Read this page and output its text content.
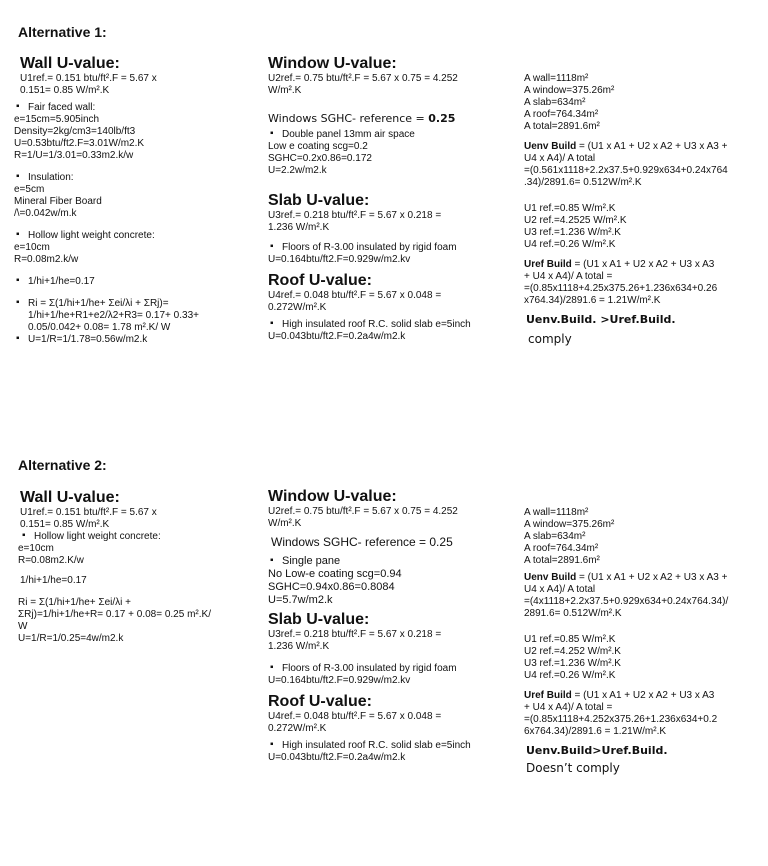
Alternative 1:

Wall U-value:

U1ref.= 0.151 btu/ft².F = 5.67 x

0.151= 0.85 W/m².K

▪ Fair faced wall:

e=15cm=5.905inch

Density=2kg/cm3=140lb/ft3

U=0.53btu/ft2.F=3.01W/m2.K

R=1/U=1/3.01=0.33m2.k/w

▪ Insulation:

e=5cm

Mineral Fiber Board

/\=0.042w/m.k

▪ Hollow light weight concrete:

e=10cm

R=0.08m2.k/w

▪ 1/hi+1/he=0.17

▪ Ri = Σ(1/hi+1/he+ Σei/λi + ΣRj)=

1/hi+1/he+R1+e2/λ2+R3= 0.17+ 0.33+

0.05/0.042+ 0.08= 1.78 m².K/ W

▪ U=1/R=1/1.78=0.56w/m2.k

Window U-value:

U2ref.= 0.75 btu/ft².F = 5.67 x 0.75 = 4.252

W/m².K

Windows SGHC- reference = 0.25

▪ Double panel 13mm air space

Low e coating scg=0.2

SGHC=0.2x0.86=0.172

U=2.2w/m2.k

Slab U-value:

U3ref.= 0.218 btu/ft².F = 5.67 x 0.218 =

1.236 W/m².K

▪ Floors of R-3.00 insulated by rigid foam

U=0.164btu/ft2.F=0.929w/m2.kv

Roof U-value:

U4ref.= 0.048 btu/ft².F = 5.67 x 0.048 =

0.272W/m².K

▪ High insulated roof R.C. solid slab e=5inch

U=0.043btu/ft2.F=0.2a4w/m2.k

A wall=1118m²

A window=375.26m²

A slab=634m²

A roof=764.34m²

A total=2891.6m²

Uenv Build = (U1 x A1 + U2 x A2 + U3 x A3 +

U4 x A4)/ A total

=(0.561x1118+2.2x37.5+0.929x634+0.24x764

.34)/2891.6= 0.512W/m².K

U1 ref.=0.85 W/m².K

U2 ref.=4.2525 W/m².K

U3 ref.=1.236 W/m².K

U4 ref.=0.26 W/m².K

Uref Build = (U1 x A1 + U2 x A2 + U3 x A3

+ U4 x A4)/ A total =

=(0.85x1118+4.25x375.26+1.236x634+0.26

x764.34)/2891.6 = 1.21W/m².K

Uenv.Build. >Uref.Build.

comply

Alternative 2:

Wall U-value:

U1ref.= 0.151 btu/ft².F = 5.67 x

0.151= 0.85 W/m².K

▪ Hollow light weight concrete:

e=10cm

R=0.08m2.K/w

1/hi+1/he=0.17

Ri = Σ(1/hi+1/he+ Σei/λi +

ΣRj)=1/hi+1/he+R= 0.17 + 0.08= 0.25 m².K/

W

U=1/R=1/0.25=4w/m2.k

Window U-value:

U2ref.= 0.75 btu/ft².F = 5.67 x 0.75 = 4.252

W/m².K

Windows SGHC- reference = 0.25

▪ Single pane

No Low-e coating scg=0.94

SGHC=0.94x0.86=0.8084

U=5.7w/m2.k

Slab U-value:

U3ref.= 0.218 btu/ft².F = 5.67 x 0.218 =

1.236 W/m².K

▪ Floors of R-3.00 insulated by rigid foam

U=0.164btu/ft2.F=0.929w/m2.kv

Roof U-value:

U4ref.= 0.048 btu/ft².F = 5.67 x 0.048 =

0.272W/m².K

▪ High insulated roof R.C. solid slab e=5inch

U=0.043btu/ft2.F=0.2a4w/m2.k

A wall=1118m²

A window=375.26m²

A slab=634m²

A roof=764.34m²

A total=2891.6m²

Uenv Build = (U1 x A1 + U2 x A2 + U3 x A3 +

U4 x A4)/ A total

=(4x1118+2.2x37.5+0.929x634+0.24x764.34)/

2891.6= 0.512W/m².K

U1 ref.=0.85 W/m².K

U2 ref.=4.252 W/m².K

U3 ref.=1.236 W/m².K

U4 ref.=0.26 W/m².K

Uref Build = (U1 x A1 + U2 x A2 + U3 x A3

+ U4 x A4)/ A total =

=(0.85x1118+4.252x375.26+1.236x634+0.2

6x764.34)/2891.6 = 1.21W/m².K

Uenv.Build>Uref.Build.

Doesn’t comply
